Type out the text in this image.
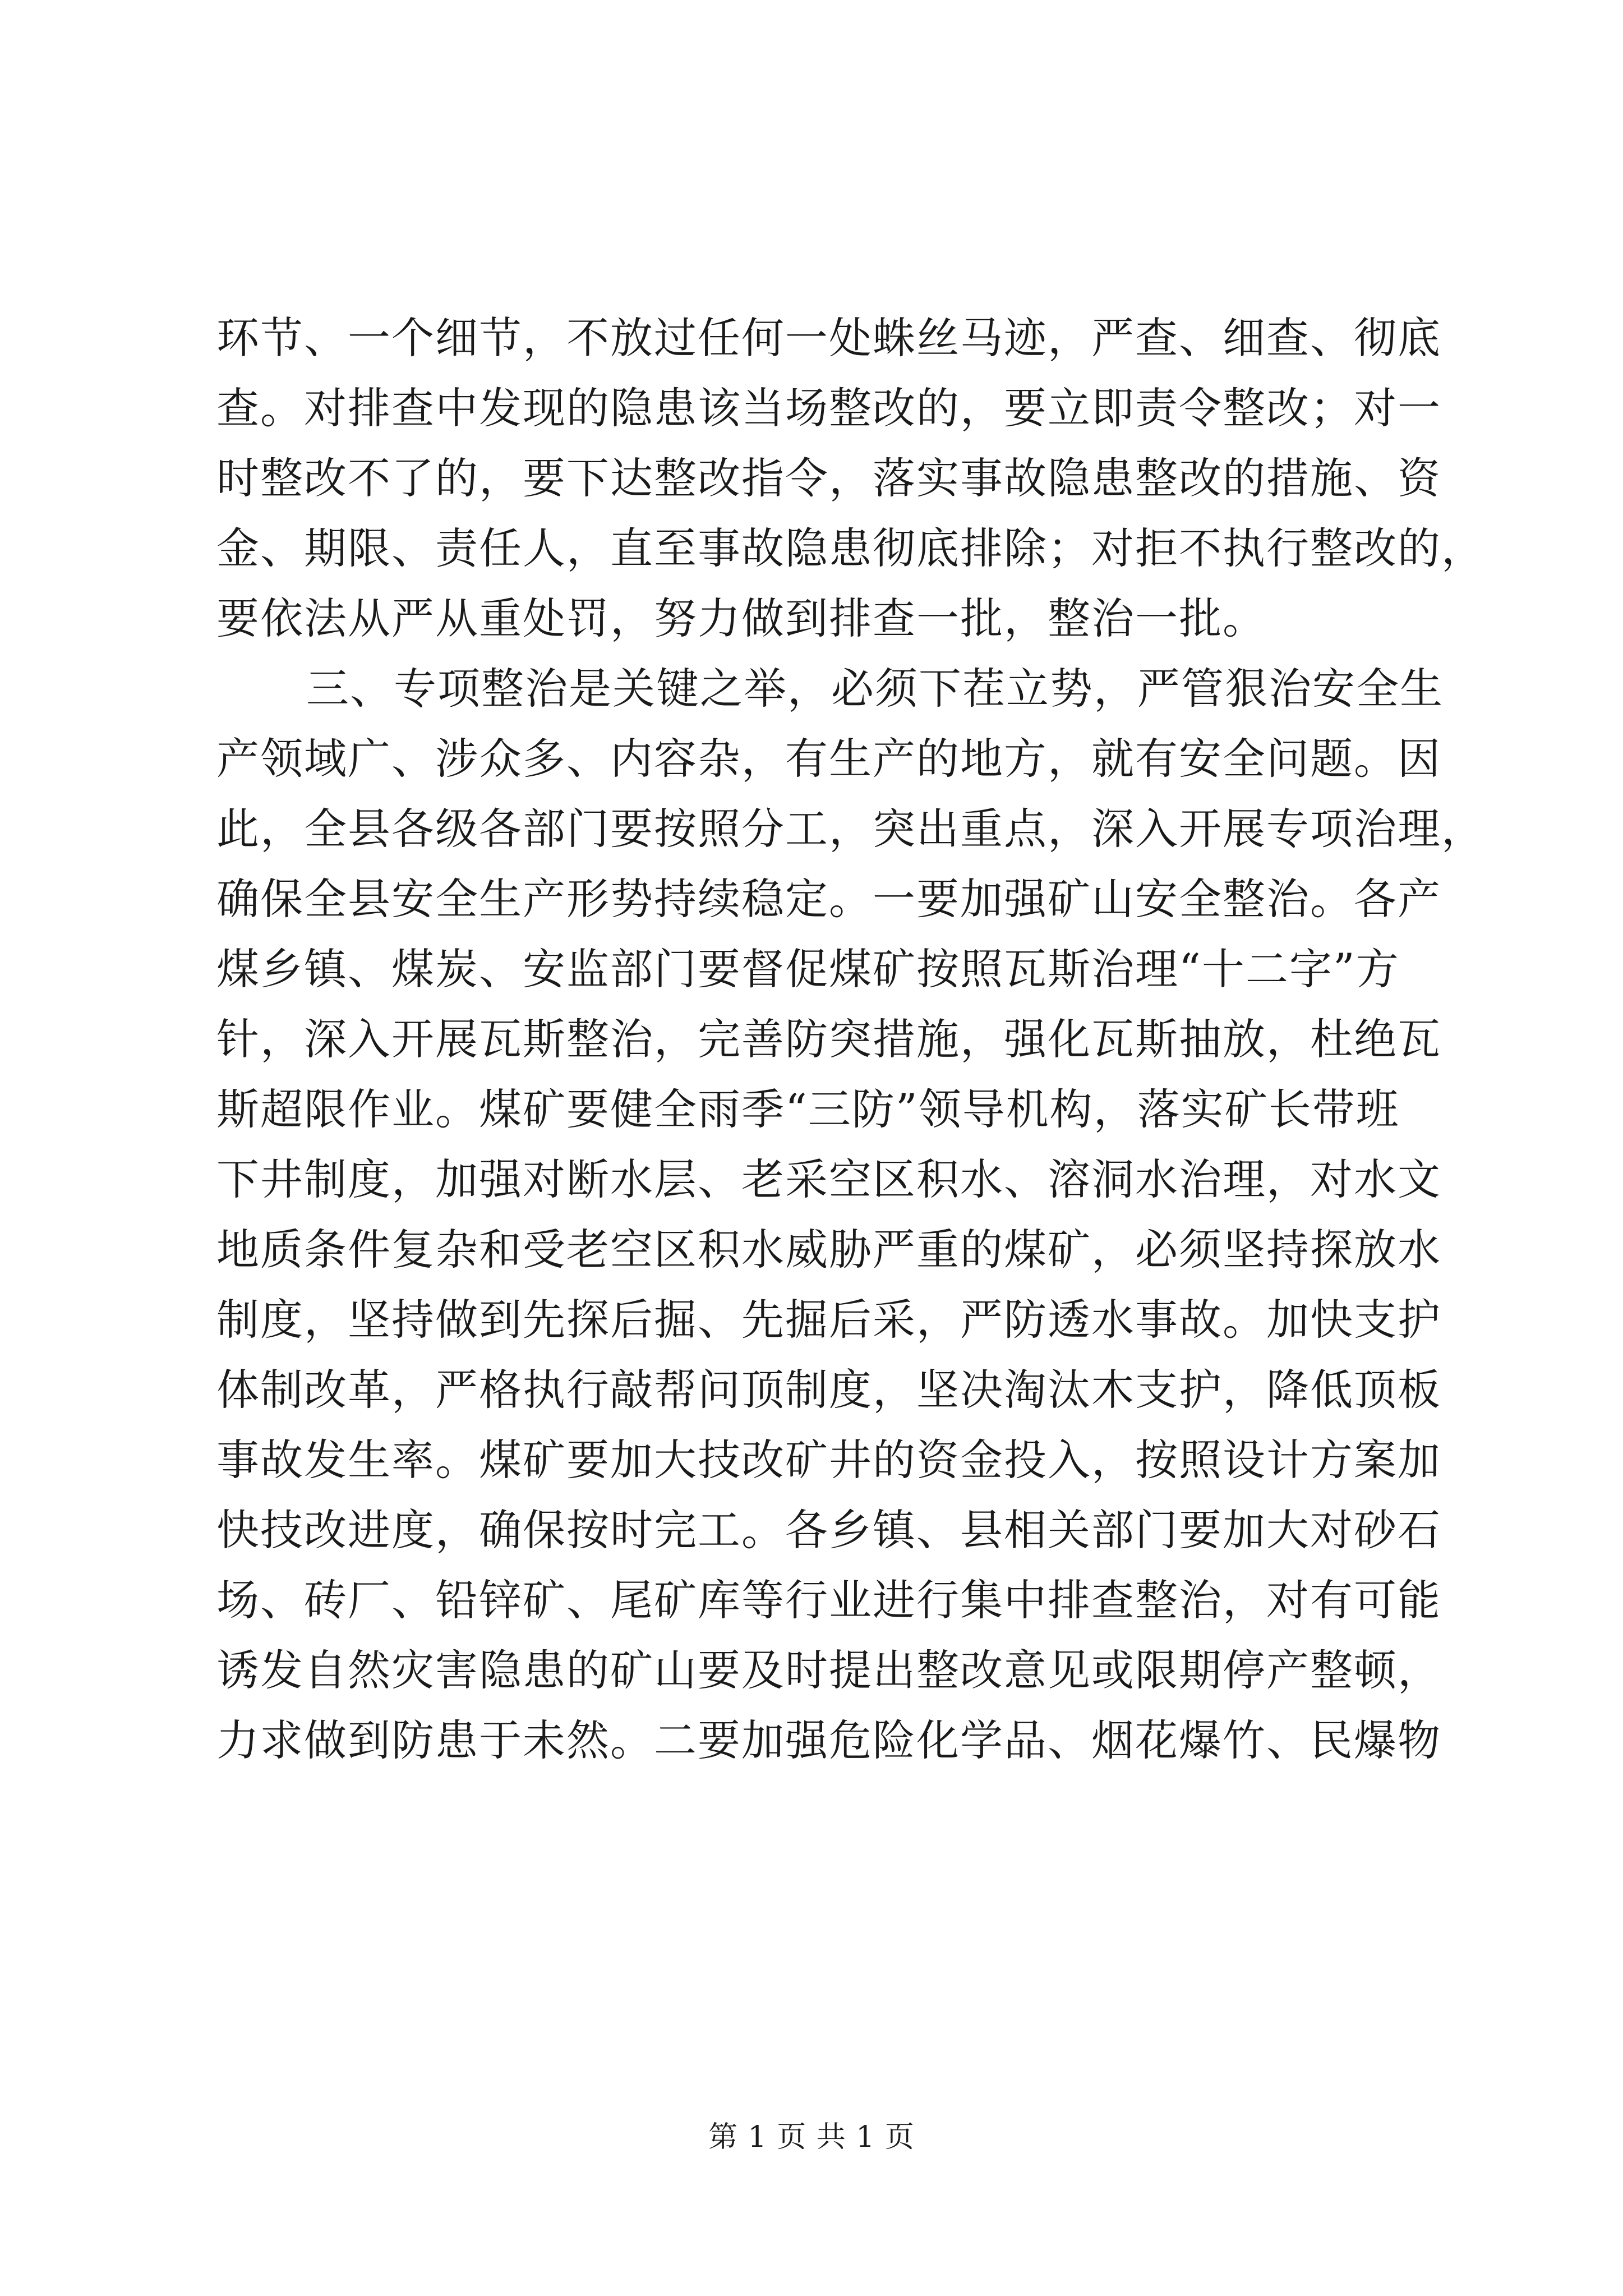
环节、一个细节，不放过任何一处蛛丝马迹，严查、细查、彻底
查。对排查中发现的隐患该当场整改的，要立即责令整改；对一
时整改不了的，要下达整改指令，落实事故隐患整改的措施、资
金、期限、责任人，直至事故隐患彻底排除；对拒不执行整改的，
要依法从严从重处罚，努力做到排查一批，整治一批。
三、专项整治是关键之举，必须下茬立势，严管狠治安全生
产领域广、涉众多、内容杂，有生产的地方，就有安全问题。因
此，全县各级各部门要按照分工，突出重点，深入开展专项治理，
确保全县安全生产形势持续稳定。一要加强矿山安全整治。各产
煤乡镇、煤炭、安监部门要督促煤矿按照瓦斯治理“十二字”方
针，深入开展瓦斯整治，完善防突措施，强化瓦斯抽放，杜绝瓦
斯超限作业。煤矿要健全雨季“三防”领导机构，落实矿长带班
下井制度，加强对断水层、老采空区积水、溶洞水治理，对水文
地质条件复杂和受老空区积水威胁严重的煤矿，必须坚持探放水
制度，坚持做到先探后掘、先掘后采，严防透水事故。加快支护
体制改革，严格执行敲帮问顶制度，坚决淘汰木支护，降低顶板
事故发生率。煤矿要加大技改矿井的资金投入，按照设计方案加
快技改进度，确保按时完工。各乡镇、县相关部门要加大对砂石
场、砖厂、铅锌矿、尾矿库等行业进行集中排查整治，对有可能
诱发自然灾害隐患的矿山要及时提出整改意见或限期停产整顿，
力求做到防患于未然。二要加强危险化学品、烟花爆竹、民爆物
第 1 页 共 1 页
